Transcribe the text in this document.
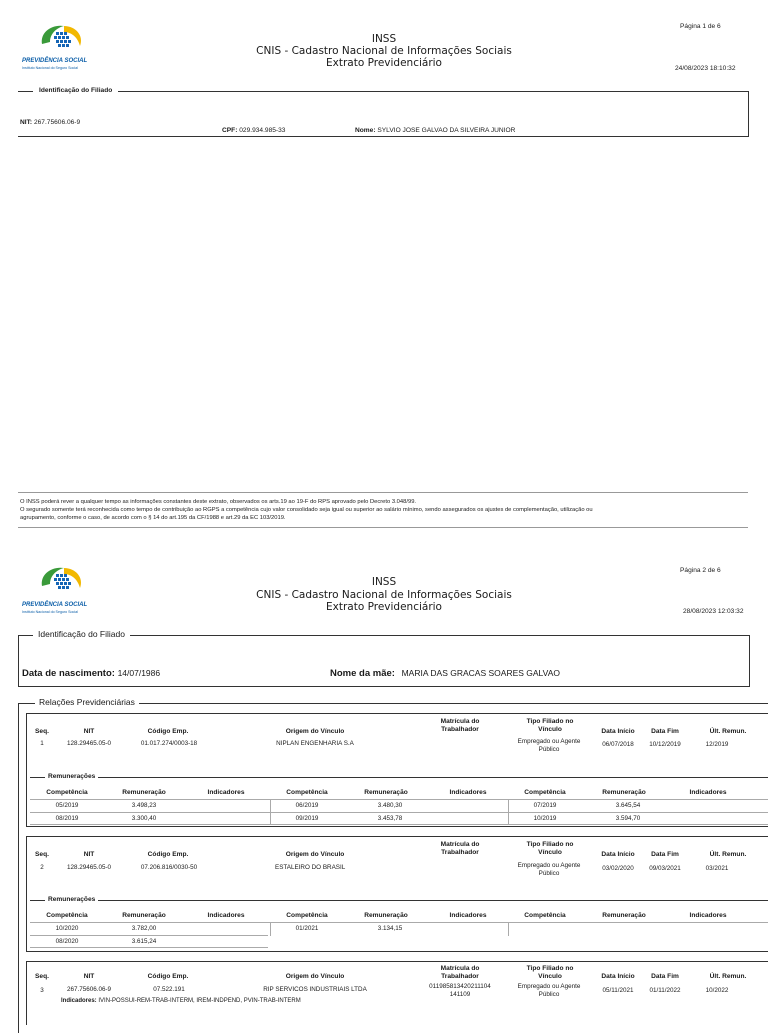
PREVIDÊNCIA SOCIAL
Instituto Nacional do Seguro Social
INSS
CNIS - Cadastro Nacional de Informações Sociais
Extrato Previdenciário
Página 1 de 6
24/08/2023 18:10:32
Identificação do Filiado
NIT: 267.75606.06-9
CPF: 029.934.985-33	Nome: SYLVIO JOSE GALVAO DA SILVEIRA JUNIOR
O INSS poderá rever a qualquer tempo as informações constantes deste extrato, observados os arts.19 ao 19-F do RPS aprovado pelo Decreto 3.048/99.
O segurado somente terá reconhecida como tempo de contribuição ao RGPS a competência cujo valor consolidado seja igual ou superior ao salário mínimo, sendo assegurados os ajustes de complementação, utilização ou
agrupamento, conforme o caso, de acordo com o § 14 do art.195 da CF/1988 e art.29 da EC 103/2019.
PREVIDÊNCIA SOCIAL
Instituto Nacional do Seguro Social
INSS
CNIS - Cadastro Nacional de Informações Sociais
Extrato Previdenciário
Página 2 de 6
28/08/2023 12:03:32
Identificação do Filiado
Data de nascimento: 14/07/1986	Nome da mãe: MARIA DAS GRACAS SOARES GALVAO
Relações Previdenciárias
Seq.	NIT	Código Emp.	Origem do Vínculo
Matrícula do
Trabalhador
Tipo Filiado no
Vínculo	Data Início	Data Fim	Últ. Remun.
1	128.29465.05-0	01.017.274/0003-18	NIPLAN ENGENHARIA S.A	Empregado ou Agente
Público
06/07/2018	10/12/2019	12/2019
Remunerações
Competência	Remuneração	Indicadores	Competência	Remuneração	Indicadores	Competência	Remuneração	Indicadores
05/2019	3.498,23	06/2019	3.480,30	07/2019	3.645,54
08/2019	3.300,40	09/2019	3.453,78	10/2019	3.594,70
Seq.	NIT	Código Emp.	Origem do Vínculo
Matrícula do
Trabalhador
Tipo Filiado no
Vínculo	Data Início	Data Fim	Últ. Remun.
2	128.29465.05-0	07.206.816/0030-50	ESTALEIRO DO BRASIL	Empregado ou Agente
Público
03/02/2020	09/03/2021	03/2021
Remunerações
Competência	Remuneração	Indicadores	Competência	Remuneração	Indicadores	Competência	Remuneração	Indicadores
10/2020	3.782,00	01/2021	3.134,15
08/2020	3.615,24
Seq.	NIT	Código Emp.	Origem do Vínculo
Matrícula do
Trabalhador
Tipo Filiado no
Vínculo	Data Início	Data Fim	Últ. Remun.
3	267.75606.06-9	07.522.191	RIP SERVICOS INDUSTRIAIS LTDA	011985813420211104
141109
Empregado ou Agente
Público	05/11/2021	01/11/2022	10/2022
Indicadores: IVIN-POSSUI-REM-TRAB-INTERM, IREM-INDPEND, PVIN-TRAB-INTERM
